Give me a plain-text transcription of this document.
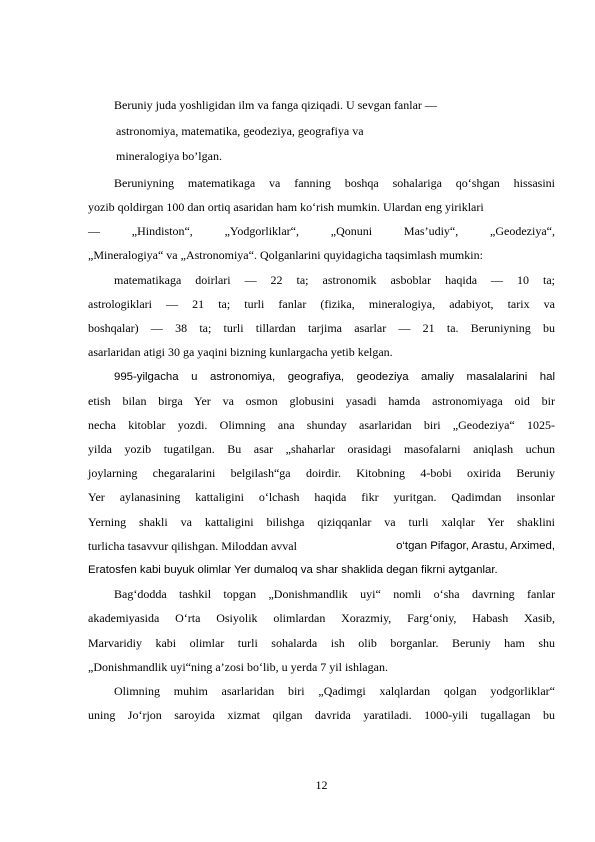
Beruniy juda yoshligidan ilm va fanga qiziqadi. U sevgan fanlar —
astronomiya, matematika, geodeziya, geografiya va
mineralogiya bo’lgan.
Beruniyning matematikaga va fanning boshqa sohalariga qo‘shgan hissasini
yozib qoldirgan 100 dan ortiq asaridan ham ko‘rish mumkin. Ulardan eng yiriklari
— „Hindiston“, „Yodgorliklar“, „Qonuni Mas’udiy“, „Geodeziya“,
„Mineralogiya“ va „Astronomiya“. Qolganlarini quyidagicha taqsimlash mumkin:
matematikaga doirlari — 22 ta; astronomik asboblar haqida — 10 ta;
astrologiklari — 21 ta; turli fanlar (fizika, mineralogiya, adabiyot, tarix va
boshqalar) — 38 ta; turli tillardan tarjima asarlar — 21 ta. Beruniyning bu
asarlaridan atigi 30 ga yaqini bizning kunlargacha yetib kelgan.
995-yilgacha u astronomiya, geografiya, geodeziya amaliy masalalarini hal
etish bilan birga Yer va osmon globusini yasadi hamda astronomiyaga oid bir
necha kitoblar yozdi. Olimning ana shunday asarlaridan biri „Geodeziya“ 1025-
yilda yozib tugatilgan. Bu asar „shaharlar orasidagi masofalarni aniqlash uchun
joylarning chegaralarini belgilash“ga doirdir. Kitobning 4-bobi oxirida Beruniy
Yer aylanasining kattaligini o‘lchash haqida fikr yuritgan. Qadimdan insonlar
Yerning shakli va kattaligini bilishga qiziqqanlar va turli xalqlar Yer shaklini
turlicha tasavvur qilishgan. Miloddan avval	o‘tgan Pifagor, Arastu, Arximed,
Eratosfen kabi buyuk olimlar Yer dumaloq va shar shaklida degan fikrni aytganlar.
Bag‘dodda tashkil topgan „Donishmandlik uyi“ nomli o‘sha davrning fanlar
akademiyasida O‘rta Osiyolik olimlardan Xorazmiy, Farg‘oniy, Habash Xasib,
Marvaridiy kabi olimlar turli sohalarda ish olib borganlar. Beruniy ham shu
„Donishmandlik uyi“ning a’zosi bo‘lib, u yerda 7 yil ishlagan.
Olimning muhim asarlaridan biri „Qadimgi xalqlardan qolgan yodgorliklar“
uning Jo‘rjon saroyida xizmat qilgan davrida yaratiladi. 1000-yili tugallagan bu
12
